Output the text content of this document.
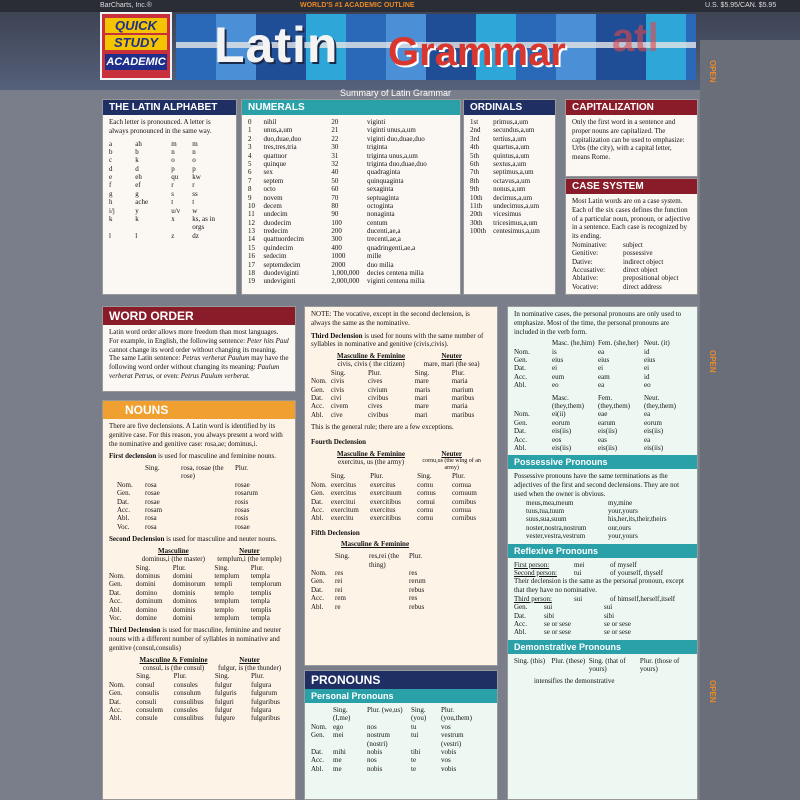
BarCharts, Inc.®	WORLD'S #1 ACADEMIC OUTLINE	U.S. $5.95/CAN. $5.95
QUICK
STUDY
ACADEMIC Latin Grammar atl
Summary of Latin Grammar
OPEN
OPEN
OPEN
THE LATIN ALPHABET
Each letter is pronounced. A letter is always pronounced in the same way.
a	ah	m	m
b	b	n	n
c	k	o	o
d	d	p	p
e	eh	qu	kw
f	ef	r	r
g	g	s	ss
h	ache	t	t
i/j	y	u/v	w
k	k	x	ks, as in orgs
l	l	z	dz
NUMERALS
0	nihil	20	viginti
1	unus,a,um	21	viginti unus,a,um
2	duo,duae,duo	22	viginti duo,duae,duo
3	tres,tres,tria	30	triginta
4	quattuor	31	triginta unus,a,um
5	quinque	32	triginta duo,duae,duo
6	sex	40	quadraginta
7	septem	50	quinquaginta
8	octo	60	sexaginta
9	novem	70	septuaginta
10	decem	80	octoginta
11	undecim	90	nonaginta
12	duodecim	100	centum
13	tredecim	200	ducenti,ae,a
14	quattuordecim	300	trecenti,ae,a
15	quindecim	400	quadringenti,ae,a
16	sedecim	1000	mille
17	septemdecim	2000	duo milia
18	duodeviginti	1,000,000	decies centena milia
19	undeviginti	2,000,000	viginti centena milia
ORDINALS
1st	primus,a,um
2nd	secundus,a,um
3rd	tertius,a,um
4th	quartus,a,um
5th	quintus,a,um
6th	sextus,a,um
7th	septimus,a,um
8th	octavus,a,um
9th	nonus,a,um
10th	decimus,a,um
11th	undecimus,a,um
20th	vicesimus
30th	tricesimus,a,um
100th	centesimus,a,um
CAPITALIZATION
Only the first word in a sentence and proper nouns are capitalized. The capitalization can be used to emphasize: Urbs (the city), with a capital letter, means Rome.
CASE SYSTEM
Most Latin words are on a case system. Each of the six cases defines the function of a particular noun, pronoun, or adjective in a sentence. Each case is recognized by its ending.
Nominative:	subject
Genitive:	possessive
Dative:	indirect object
Accusative:	direct object
Ablative:	prepositional object
Vocative:	direct address
WORD ORDER
Latin word order allows more freedom than most languages. For example, in English, the following sentence: Peter hits Paul cannot change its word order without changing its meaning. The same Latin sentence: Petrus verberat Paulum may have the following word order without changing its meaning: Paulum verberat Petrus, or even: Petrus Paulum verberat.
NOUNS
There are five declensions. A Latin word is identified by its genitive case. For this reason, you always present a word with the nominative and genitive case: rosa,ae; dominus,i.
First declension is used for masculine and feminine nouns.
	Sing.	rosa, rosae (the rose)	Plur.
Nom.	rosa		rosae
Gen.	rosae		rosarum
Dat.	rosae		rosis
Acc.	rosam		rosas
Abl.	rosa		rosis
Voc.	rosa		rosae
Second Declension is used for masculine and neuter nouns.
	Masculine	Neuter
	dominus,i (the master)	templum,i (the temple)
	Sing.	Plur.	Sing.	Plur.
Nom.	dominus	domini	templum	templa
Gen.	domini	dominorum	templi	templorum
Dat.	domino	dominis	templo	templis
Acc.	dominum	dominos	templum	templa
Abl.	domino	dominis	templo	templis
Voc.	domine	domini	templum	templa
Third Declension is used for masculine, feminine and neuter nouns with a different number of syllables in nominative and genitive (consul,consulis)
	Masculine & Feminine	Neuter
	consul, is (the consul)	fulgur, is (the thunder)
	Sing.	Plur.	Sing.	Plur.
Nom.	consul	consules	fulgur	fulgura
Gen.	consulis	consulum	fulguris	fulgurum
Dat.	consuli	consulibus	fulguri	fulguribus
Acc.	consulem	consules	fulgur	fulgura
Abl.	consule	consulibus	fulgure	fulguribus
NOTE: The vocative, except in the second declension, is always the same as the nominative.
Third Declension is used for nouns with the same number of syllables in nominative and genitive (civis,civis).
	Masculine & Feminine	Neuter
	civis, civis ( the citizen)	mare, mari (the sea)
	Sing.	Plur.	Sing.	Plur.
Nom.	civis	cives	mare	maria
Gen.	civis	civium	maris	marium
Dat.	civi	civibus	mari	maribus
Acc.	civem	cives	mare	maria
Abl.	cive	civibus	mari	maribus
This is the general rule; there are a few exceptions.
Fourth Declension
	Masculine & Feminine	Neuter
	exercitus, us (the army)	cornu,us (the wing of an army)
	Sing.	Plur.	Sing.	Plur.
Nom.	exercitus	exercitus	cornu	cornua
Gen.	exercitus	exercituum	cornus	cornuum
Dat.	exercitui	exercitibus	cornui	cornibus
Acc.	exercitum	exercitus	cornu	cornua
Abl.	exercitu	exercitibus	cornu	cornibus
Fifth Declension
Masculine & Feminine
	Sing.	res,rei (the thing)	Plur.
Nom.	res		res
Gen.	rei		rerum
Dat.	rei		rebus
Acc.	rem		res
Abl.	re		rebus
PRONOUNS
Personal Pronouns
	Sing. (I,me)	Plur. (we,us)	Sing. (you)	Plur. (you,them)
Nom.	ego	nos	tu	vos
Gen.	mei	nostrum (nostri)	tui	vestrum (vestri)
Dat.	mihi	nobis	tibi	vobis
Acc.	me	nos	te	vos
Abl.	me	nobis	te	vobis
In nominative cases, the personal pronouns are only used to emphasize. Most of the time, the personal pronouns are included in the verb form.
	Masc. (he,him)	Fem. (she,her)	Neut. (it)
Nom.	is	ea	id
Gen.	eius	eius	eius
Dat.	ei	ei	ei
Acc.	eum	eam	id
Abl.	eo	ea	eo
	Masc. (they,them)	Fem. (they,them)	Neut. (they,them)
Nom.	ei(ii)	eae	ea
Gen.	eorum	earum	eorum
Dat.	eis(iis)	eis(iis)	eis(iis)
Acc.	eos	eas	ea
Abl.	eis(iis)	eis(iis)	eis(iis)
Possessive Pronouns
Possessive pronouns have the same terminations as the adjectives of the first and second declensions. They are not used when the owner is obvious.
meus,mea,meum	my,mine
tuus,tua,tuum	your,yours
suus,sua,suum	his,her,its,their,theirs
noster,nostra,nostrum	our,ours
vester,vestra,vestrum	your,yours
Reflexive Pronouns
First person:	mei	of myself
Second person:	tui	of yourself, thyself
Their declension is the same as the personal pronoun, except that they have no nominative.
Third person:	sui	of himself,herself,itself
Gen.	sui	sui
Dat.	sibi	sibi
Acc.	se or sese	se or sese
Abl.	se or sese	se or sese
Demonstrative Pronouns
Sing. (this)	Plur. (these)	Sing. (that of yours)	Plur. (those of yours)
intensifies the demonstrative
